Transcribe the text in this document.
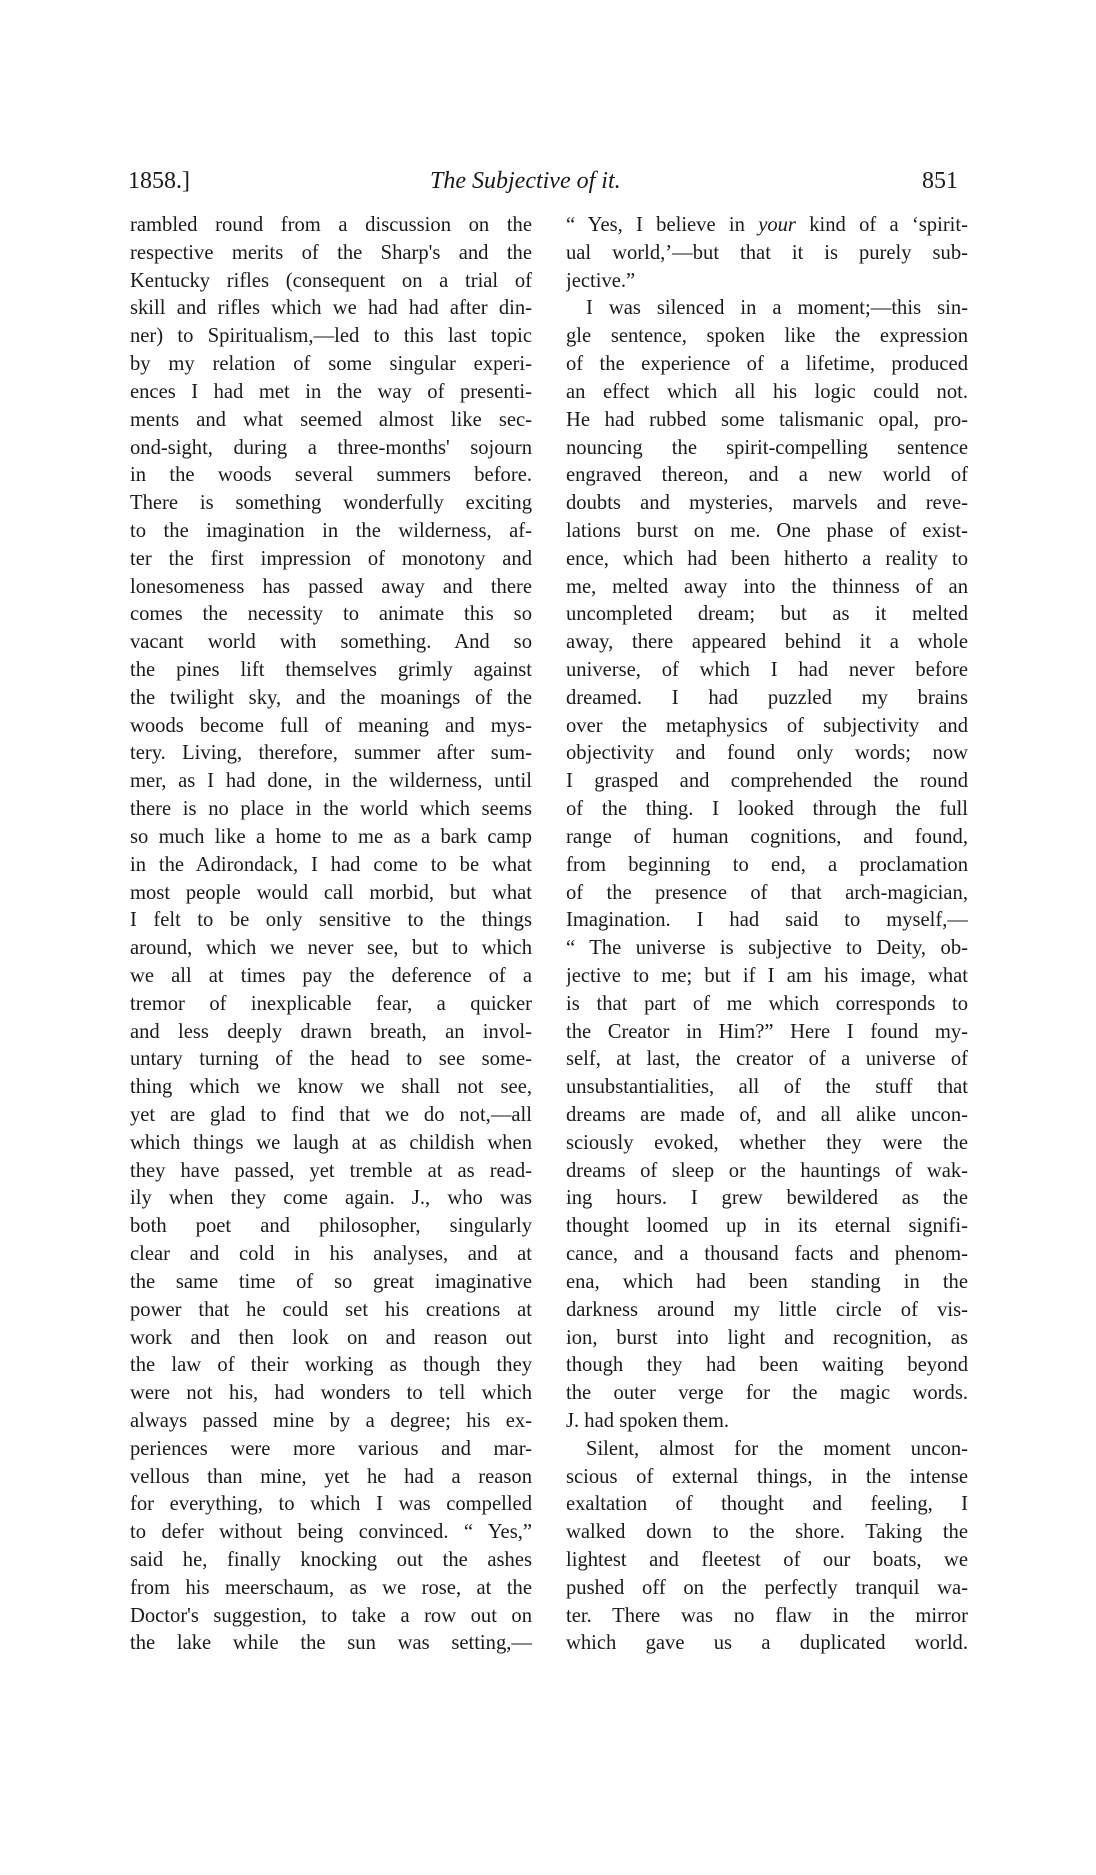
1858.]	The Subjective of it.	851
rambled round from a discussion on the
respective merits of the Sharp's and the
Kentucky rifles (consequent on a trial of
skill and rifles which we had had after din-
ner) to Spiritualism,—led to this last topic
by my relation of some singular experi-
ences I had met in the way of presenti-
ments and what seemed almost like sec-
ond-sight, during a three-months' sojourn
in the woods several summers before.
There is something wonderfully exciting
to the imagination in the wilderness, af-
ter the first impression of monotony and
lonesomeness has passed away and there
comes the necessity to animate this so
vacant world with something. And so
the pines lift themselves grimly against
the twilight sky, and the moanings of the
woods become full of meaning and mys-
tery. Living, therefore, summer after sum-
mer, as I had done, in the wilderness, until
there is no place in the world which seems
so much like a home to me as a bark camp
in the Adirondack, I had come to be what
most people would call morbid, but what
I felt to be only sensitive to the things
around, which we never see, but to which
we all at times pay the deference of a
tremor of inexplicable fear, a quicker
and less deeply drawn breath, an invol-
untary turning of the head to see some-
thing which we know we shall not see,
yet are glad to find that we do not,—all
which things we laugh at as childish when
they have passed, yet tremble at as read-
ily when they come again. J., who was
both poet and philosopher, singularly
clear and cold in his analyses, and at
the same time of so great imaginative
power that he could set his creations at
work and then look on and reason out
the law of their working as though they
were not his, had wonders to tell which
always passed mine by a degree; his ex-
periences were more various and mar-
vellous than mine, yet he had a reason
for everything, to which I was compelled
to defer without being convinced. “ Yes,”
said he, finally knocking out the ashes
from his meerschaum, as we rose, at the
Doctor's suggestion, to take a row out on
the lake while the sun was setting,—
“ Yes, I believe in your kind of a ‘spirit-
ual world,’—but that it is purely sub-
jective.”
I was silenced in a moment;—this sin-
gle sentence, spoken like the expression
of the experience of a lifetime, produced
an effect which all his logic could not.
He had rubbed some talismanic opal, pro-
nouncing the spirit-compelling sentence
engraved thereon, and a new world of
doubts and mysteries, marvels and reve-
lations burst on me. One phase of exist-
ence, which had been hitherto a reality to
me, melted away into the thinness of an
uncompleted dream; but as it melted
away, there appeared behind it a whole
universe, of which I had never before
dreamed. I had puzzled my brains
over the metaphysics of subjectivity and
objectivity and found only words; now
I grasped and comprehended the round
of the thing. I looked through the full
range of human cognitions, and found,
from beginning to end, a proclamation
of the presence of that arch-magician,
Imagination. I had said to myself,—
“ The universe is subjective to Deity, ob-
jective to me; but if I am his image, what
is that part of me which corresponds to
the Creator in Him?” Here I found my-
self, at last, the creator of a universe of
unsubstantialities, all of the stuff that
dreams are made of, and all alike uncon-
sciously evoked, whether they were the
dreams of sleep or the hauntings of wak-
ing hours. I grew bewildered as the
thought loomed up in its eternal signifi-
cance, and a thousand facts and phenom-
ena, which had been standing in the
darkness around my little circle of vis-
ion, burst into light and recognition, as
though they had been waiting beyond
the outer verge for the magic words.
J. had spoken them.
Silent, almost for the moment uncon-
scious of external things, in the intense
exaltation of thought and feeling, I
walked down to the shore. Taking the
lightest and fleetest of our boats, we
pushed off on the perfectly tranquil wa-
ter. There was no flaw in the mirror
which gave us a duplicated world.
